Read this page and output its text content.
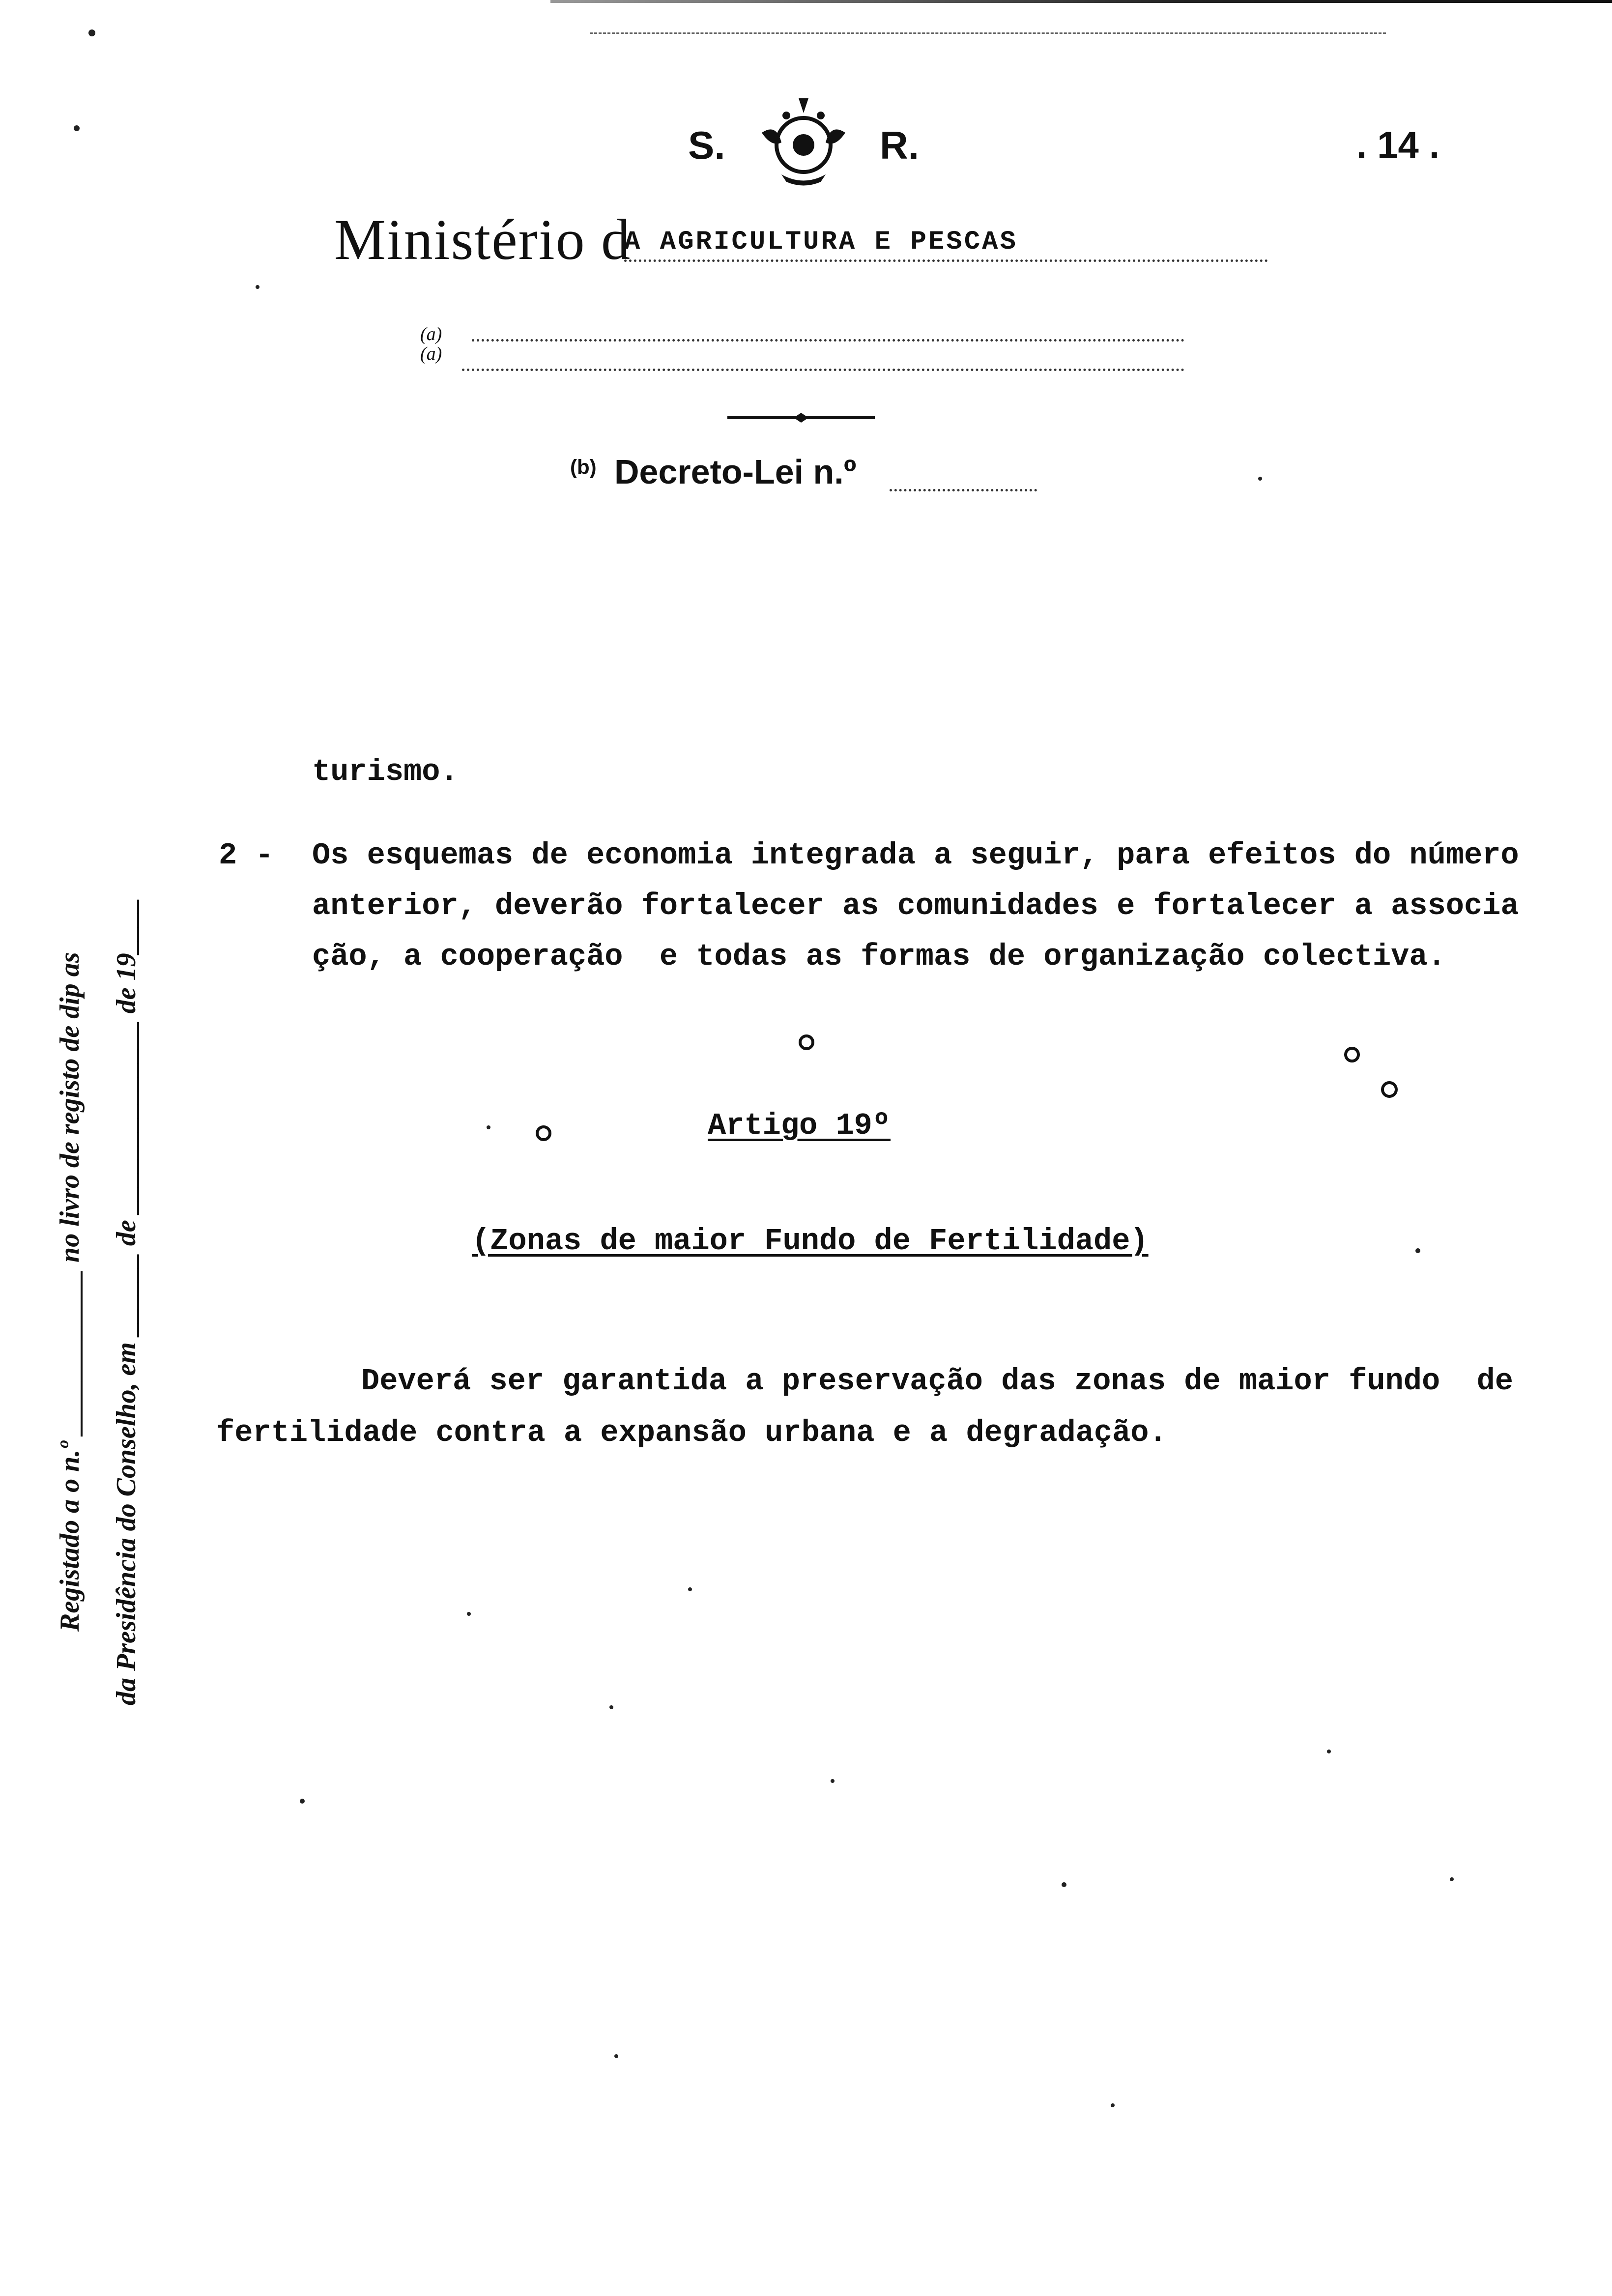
S.	R.	. 14 .
Ministério d
A AGRICULTURA E PESCAS
(a)
(a)
$^{(b)}$ Decreto-Lei n.º
turismo.
2 - Os esquemas de economia integrada a seguir, para efeitos do número
anterior, deverão fortalecer as comunidades e fortalecer a associa
ção, a cooperação  e todas as formas de organização colectiva.
Artigo 19º
(Zonas de maior Fundo de Fertilidade)
Deverá ser garantida a preservação das zonas de maior fundo  de
fertilidade contra a expansão urbana e a degradação.
Registado a o n.º ____________ no livro de registo de dip as da Presidência do Conselho, em ______ de ______________ de 19____
